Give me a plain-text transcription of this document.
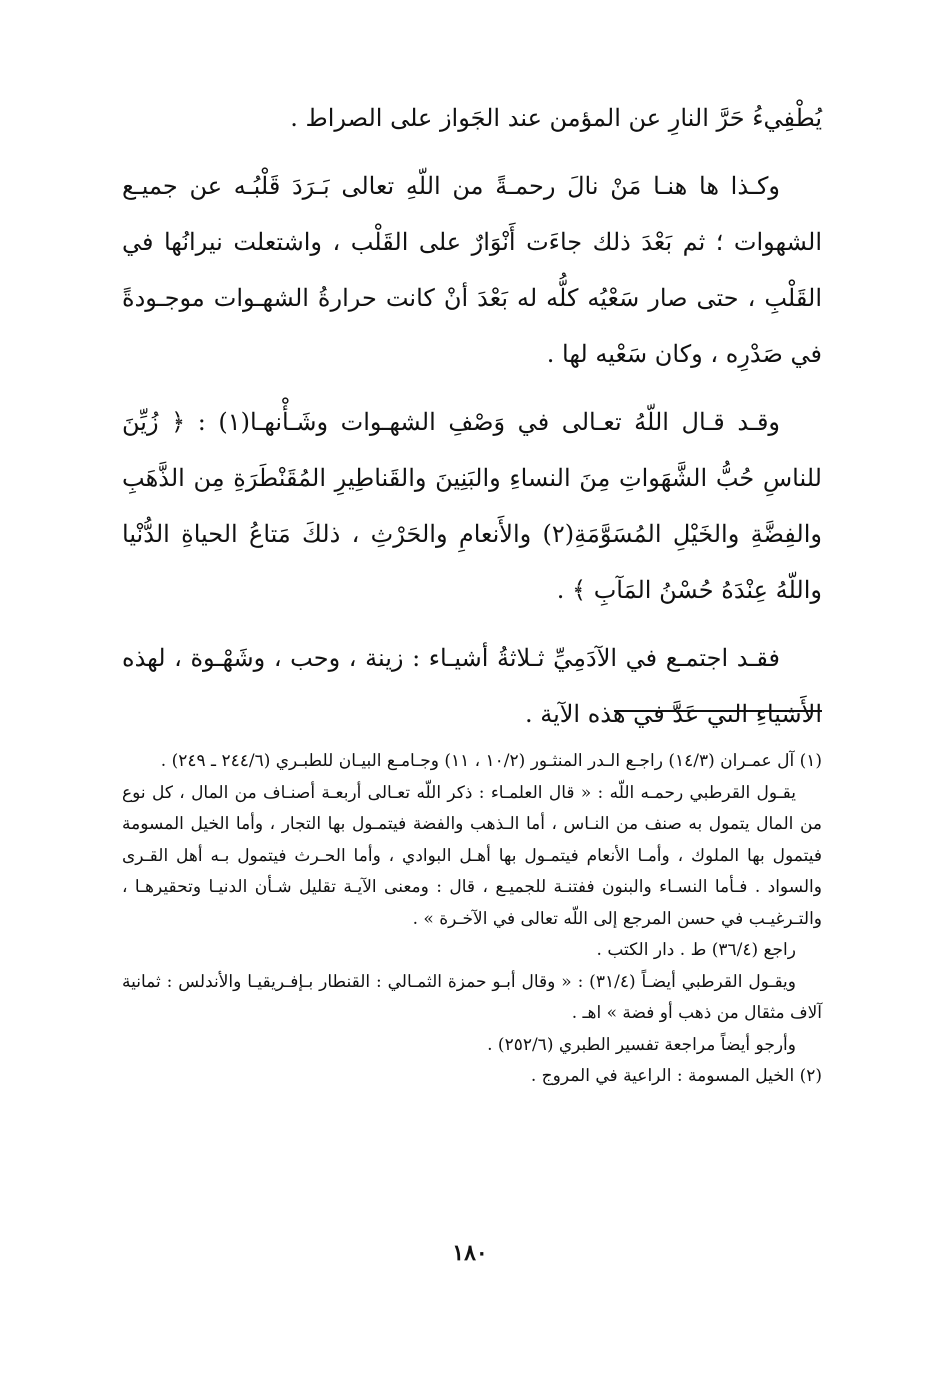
يُطْفِيءُ حَرَّ النارِ عن المؤمن عند الجَواز على الصراط .

وكـذا ها هنـا مَنْ نالَ رحمـةً من اللّهِ تعالى بَـرَدَ قَلْبُـه عن جميـع الشهوات ؛ ثم بَعْدَ ذلك جاءَت أَنْوَارٌ على القَلْب ، واشتعلت نيرانُها في القَلْبِ ، حتى صار سَعْيُه كلُّه له بَعْدَ أنْ كانت حرارةُ الشهـوات موجـودةً في صَدْرِه ، وكان سَعْيه لها .

وقـد قـال اللّهُ تعـالى في وَصْفِ الشهـوات وشَـأْنهـا(١) : ﴿ زُيِّنَ للناسِ حُبُّ الشَّهَواتِ مِنَ النساءِ والبَنِينَ والقَناطِيرِ المُقَنْطَرَةِ مِن الذَّهَبِ والفِضَّةِ والخَيْلِ المُسَوَّمَةِ(٢) والأَنعامِ والحَرْثِ ، ذلكَ مَتاعُ الحياةِ الدُّنْيا واللّهُ عِنْدَهُ حُسْنُ المَآبِ ﴾ .

فقـد اجتمـع في الآدَمِيِّ ثـلاثةُ أشيـاء : زينة ، وحب ، وشَهْـوة ، لهذه الأَشياءِ التي عَدَّ في هذه الآية .

(١) آل عمـران (١٤/٣) راجـع الـدر المنثـور (١٠/٢ ، ١١) وجـامـع البيـان للطبـري (٢٤٤/٦ ـ ٢٤٩) .

يقـول القرطبي رحمـه اللّه : « قال العلمـاء : ذكر اللّه تعـالى أربعـة أصنـاف من المال ، كل نوع من المال يتمول به صنف من النـاس ، أما الـذهب والفضة فيتمـول بها التجار ، وأما الخيل المسومة فيتمول بها الملوك ، وأمـا الأنعام فيتمـول بها أهـل البوادي ، وأما الحـرث فيتمول بـه أهل القـرى والسواد . فـأما النسـاء والبنون ففتنـة للجميـع ، قال : ومعنى الآيـة تقليل شـأن الدنيـا وتحقيرهـا ، والتـرغيـب في حسن المرجع إلى اللّه تعالى في الآخـرة » .

راجع (٣٦/٤) ط . دار الكتب .

ويقـول القرطبي أيضـاً (٣١/٤) : « وقال أبـو حمزة الثمـالي : القنطار بـإفـريقيـا والأندلس : ثمانية آلاف مثقال من ذهب أو فضة » اهـ .

وأرجو أيضاً مراجعة تفسير الطبري (٢٥٢/٦) .

(٢) الخيل المسومة : الراعية في المروج .

١٨٠
